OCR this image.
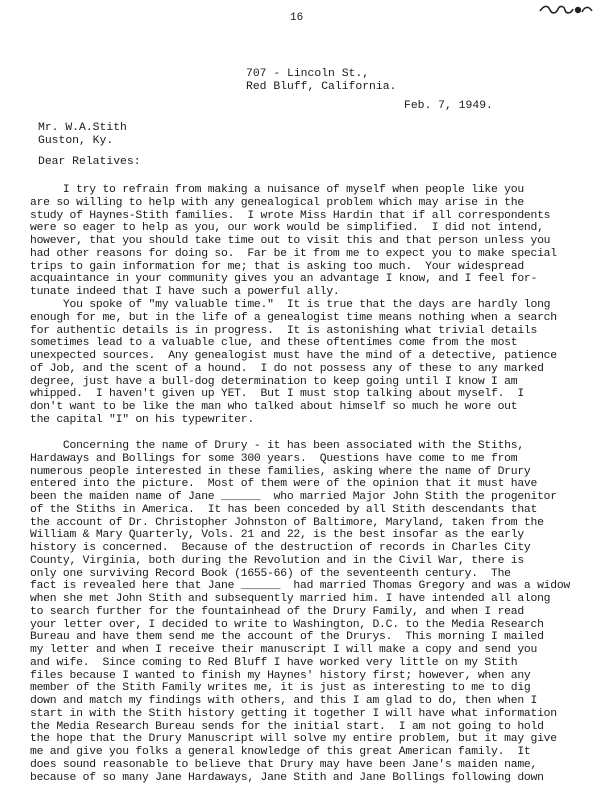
16
707 - Lincoln St.,
Red Bluff, California.
Feb. 7, 1949.
Mr. W.A.Stith
Guston, Ky.
Dear Relatives:
I try to refrain from making a nuisance of myself when people like you
are so willing to help with any genealogical problem which may arise in the
study of Haynes-Stith families.  I wrote Miss Hardin that if all correspondents
were so eager to help as you, our work would be simplified.  I did not intend,
however, that you should take time out to visit this and that person unless you
had other reasons for doing so.  Far be it from me to expect you to make special
trips to gain information for me; that is asking too much.  Your widespread
acquaintance in your community gives you an advantage I know, and I feel for-
tunate indeed that I have such a powerful ally.
You spoke of "my valuable time."  It is true that the days are hardly long
enough for me, but in the life of a genealogist time means nothing when a search
for authentic details is in progress.  It is astonishing what trivial details
sometimes lead to a valuable clue, and these oftentimes come from the most
unexpected sources.  Any genealogist must have the mind of a detective, patience
of Job, and the scent of a hound.  I do not possess any of these to any marked
degree, just have a bull-dog determination to keep going until I know I am
whipped.  I haven't given up YET.  But I must stop talking about myself.  I
don't want to be like the man who talked about himself so much he wore out
the capital "I" on his typewriter.
Concerning the name of Drury - it has been associated with the Stiths,
Hardaways and Bollings for some 300 years.  Questions have come to me from
numerous people interested in these families, asking where the name of Drury
entered into the picture.  Most of them were of the opinion that it must have
been the maiden name of Jane ______  who married Major John Stith the progenitor
of the Stiths in America.  It has been conceded by all Stith descendants that
the account of Dr. Christopher Johnston of Baltimore, Maryland, taken from the
William & Mary Quarterly, Vols. 21 and 22, is the best insofar as the early
history is concerned.  Because of the destruction of records in Charles City
County, Virginia, both during the Revolution and in the Civil War, there is
only one surviving Record Book (1655-66) of the seventeenth century.  The
fact is revealed here that Jane ______  had married Thomas Gregory and was a widow
when she met John Stith and subsequently married him. I have intended all along
to search further for the fountainhead of the Drury Family, and when I read
your letter over, I decided to write to Washington, D.C. to the Media Research
Bureau and have them send me the account of the Drurys.  This morning I mailed
my letter and when I receive their manuscript I will make a copy and send you
and wife.  Since coming to Red Bluff I have worked very little on my Stith
files because I wanted to finish my Haynes' history first; however, when any
member of the Stith Family writes me, it is just as interesting to me to dig
down and match my findings with others, and this I am glad to do, then when I
start in with the Stith history getting it together I will have what information
the Media Research Bureau sends for the initial start.  I am not going to hold
the hope that the Drury Manuscript will solve my entire problem, but it may give
me and give you folks a general knowledge of this great American family.  It
does sound reasonable to believe that Drury may have been Jane's maiden name,
because of so many Jane Hardaways, Jane Stith and Jane Bollings following down
